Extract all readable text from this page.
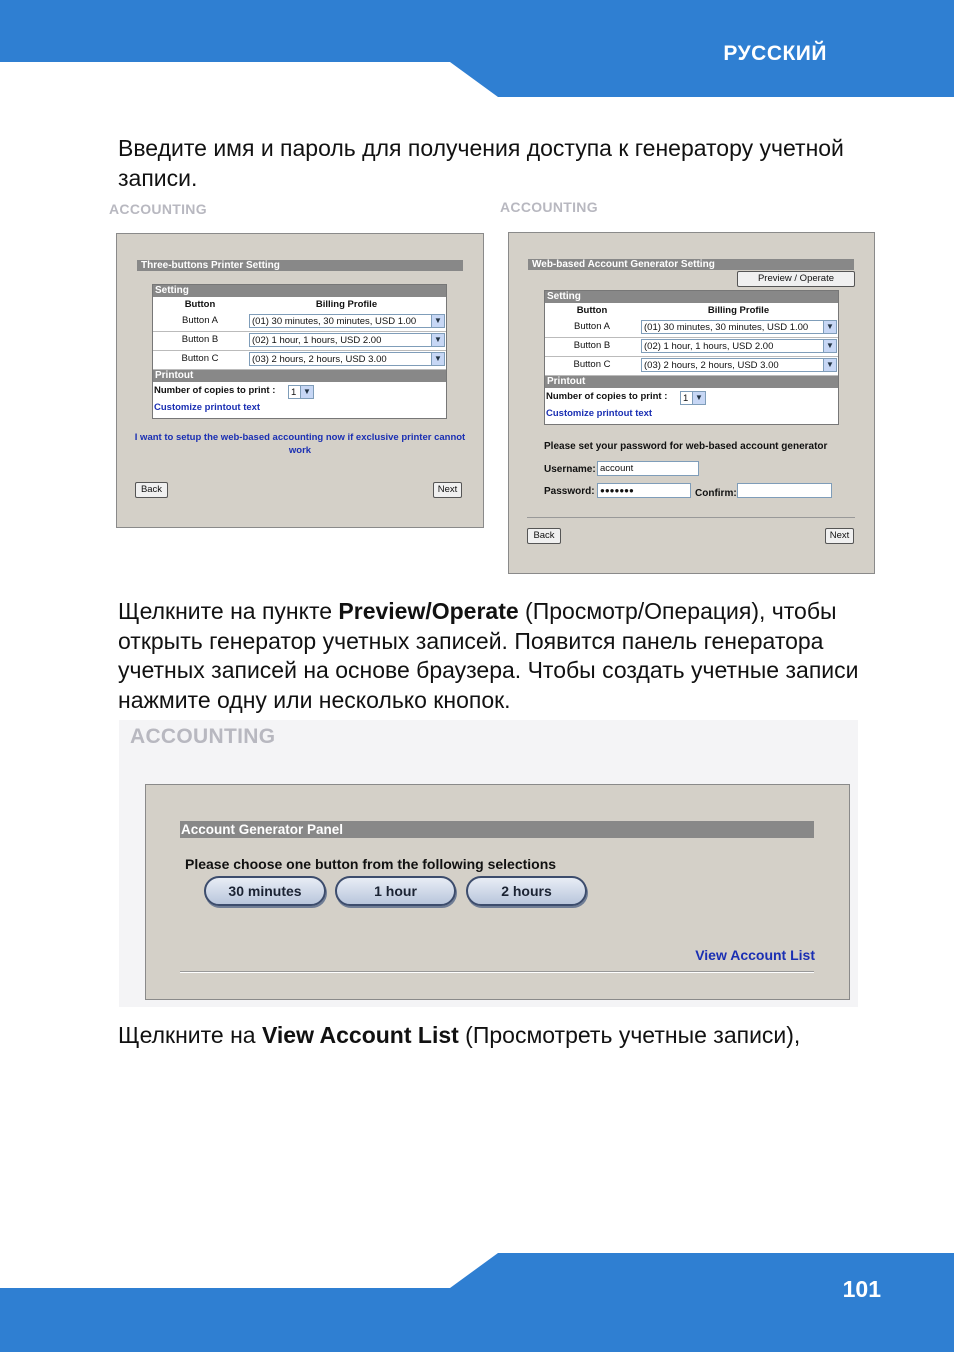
РУССКИЙ
Введите имя и пароль для получения доступа к генератору учетной записи.
ACCOUNTING
Three-buttons Printer Setting
Setting
Button	Billing Profile
Button A	(01) 30 minutes, 30 minutes, USD 1.00	▼
Button B	(02) 1 hour, 1 hours, USD 2.00	▼
Button C	(03) 2 hours, 2 hours, USD 3.00	▼
Printout
Number of copies to print :	1 ▼
Customize printout text
I want to setup the web-based accounting now if exclusive printer cannot work
Back	Next
ACCOUNTING
Web-based Account Generator Setting
Preview / Operate
Setting
Button	Billing Profile
Button A	(01) 30 minutes, 30 minutes, USD 1.00	▼
Button B	(02) 1 hour, 1 hours, USD 2.00	▼
Button C	(03) 2 hours, 2 hours, USD 3.00	▼
Printout
Number of copies to print :	1 ▼
Customize printout text
Please set your password for web-based account generator
Username: account
Password: ●●●●●●●	Confirm:
Back	Next
Щелкните на пункте Preview/Operate (Просмотр/Операция), чтобы открыть генератор учетных записей. Появится панель генератора учетных записей на основе браузера. Чтобы создать учетные записи нажмите одну или несколько кнопок.
ACCOUNTING
Account Generator Panel
Please choose one button from the following selections
30 minutes	1 hour	2 hours
View Account List
Щелкните на View Account List (Просмотреть учетные записи),
101
